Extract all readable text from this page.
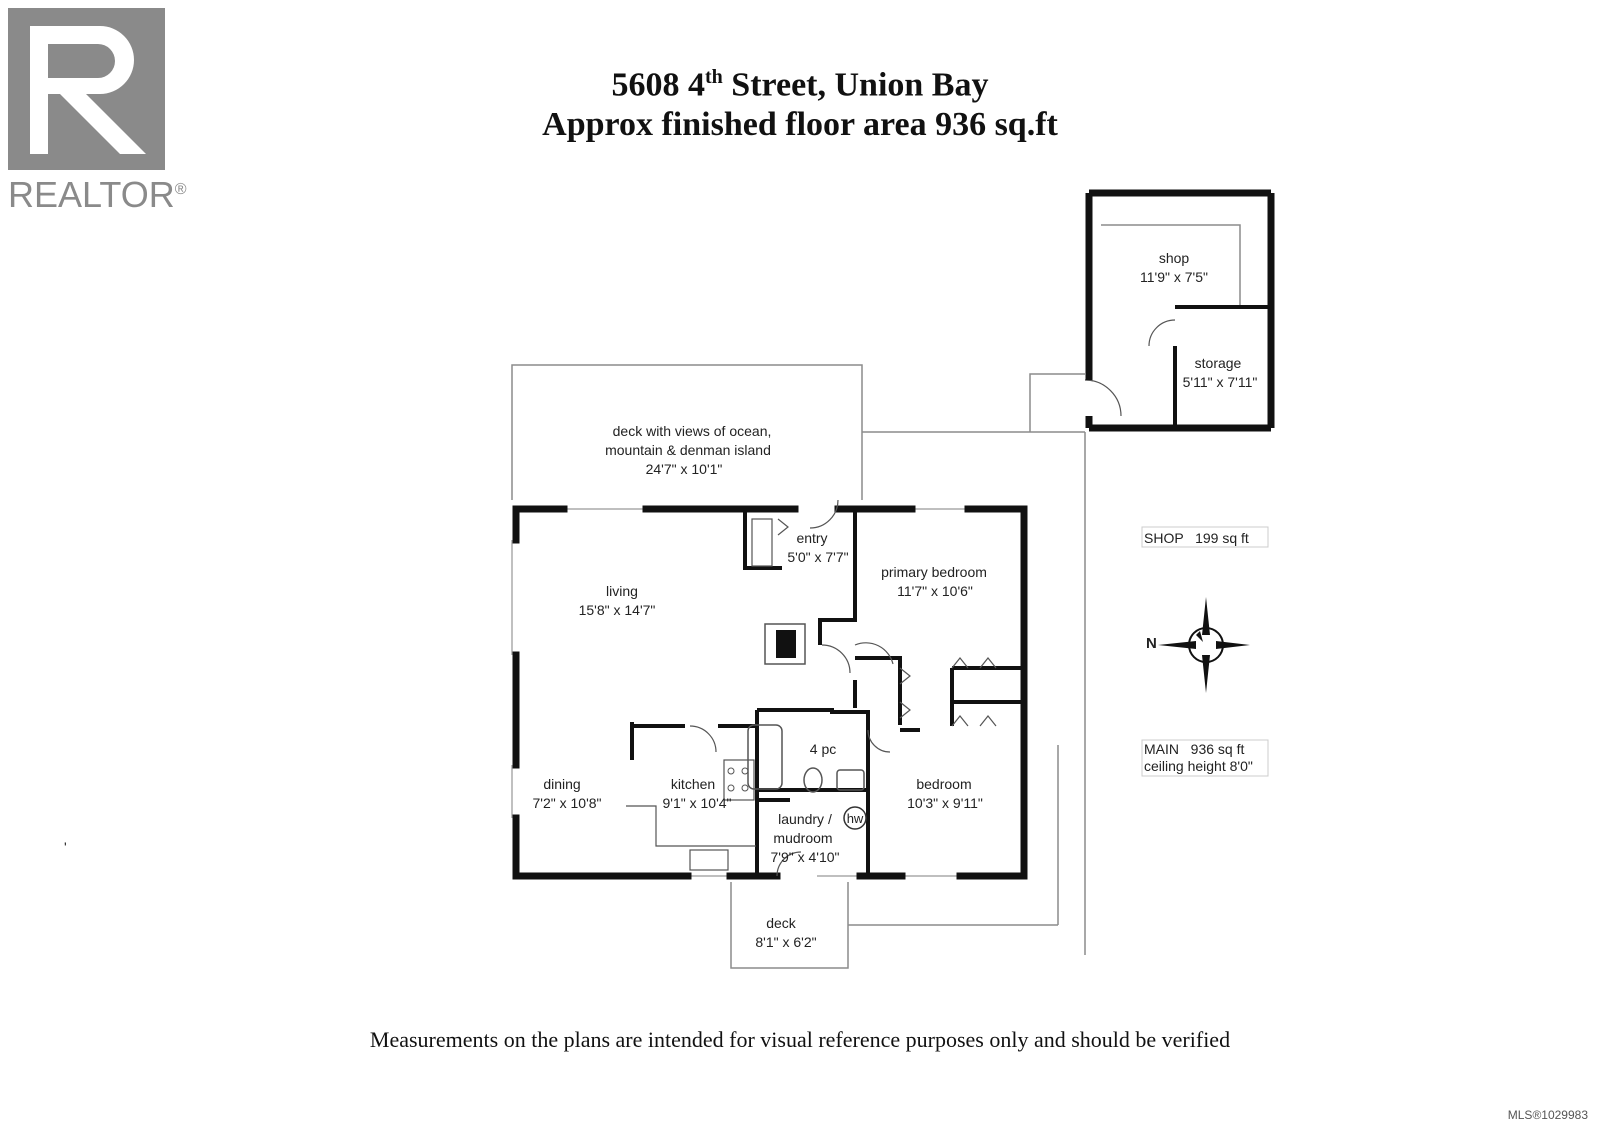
REALTOR®
5608 4th Street, Union Bay
Approx finished floor area 936 sq.ft
shop
11'9" x 7'5"
storage
5'11" x 7'11"
deck with views of ocean,
mountain & denman island
24'7" x 10'1"
entry
5'0" x 7'7"
primary bedroom
11'7" x 10'6"
living
15'8" x 14'7"
4 pc
dining
7'2" x 10'8"
kitchen
9'1" x 10'4"
bedroom
10'3" x 9'11"
laundry /
mudroom
7'9" x 4'10"
hw
deck
8'1" x 6'2"
SHOP   199 sq ft
MAIN   936 sq ft
ceiling height 8'0"
N
'
Measurements on the plans are intended for visual reference purposes only and should be verified
MLS®1029983
